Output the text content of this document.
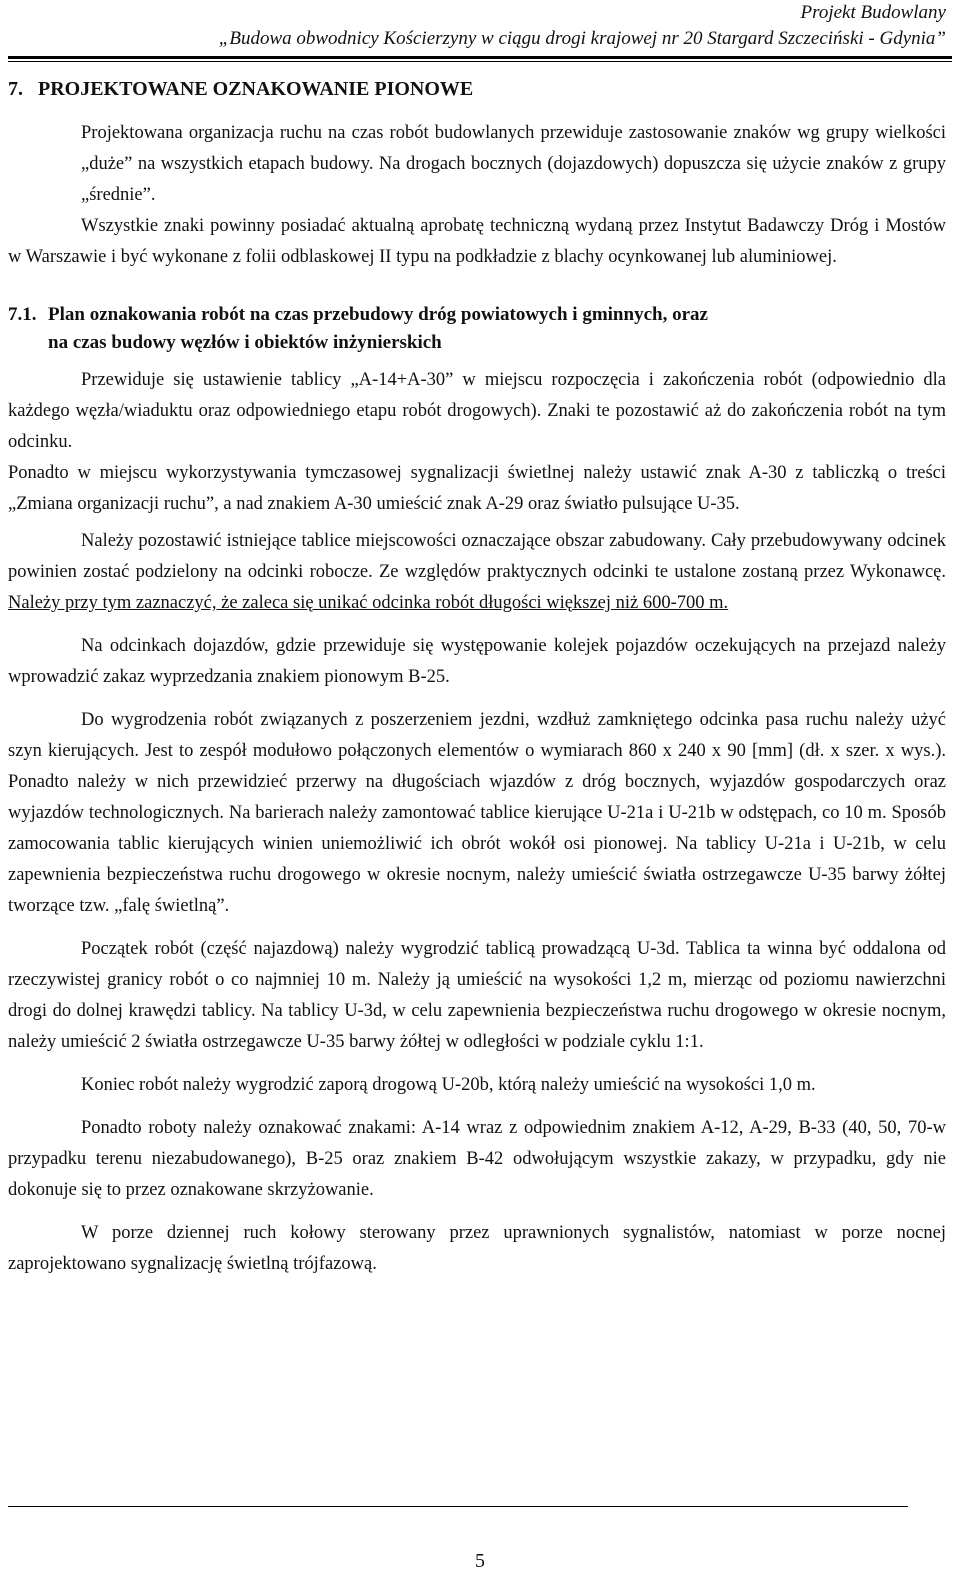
Projekt Budowlany
„Budowa obwodnicy Kościerzyny w ciągu drogi krajowej nr 20 Stargard Szczeciński - Gdynia”
7. PROJEKTOWANE OZNAKOWANIE PIONOWE

Projektowana organizacja ruchu na czas robót budowlanych przewiduje zastosowanie znaków wg grupy wielkości „duże” na wszystkich etapach budowy. Na drogach bocznych (dojazdowych) dopuszcza się użycie znaków z grupy „średnie”.

Wszystkie znaki powinny posiadać aktualną aprobatę techniczną wydaną przez Instytut Badawczy Dróg i Mostów w Warszawie i być wykonane z folii odblaskowej II typu na podkładzie z blachy ocynkowanej lub aluminiowej.

7.1. Plan oznakowania robót na czas przebudowy dróg powiatowych i gminnych, oraz
na czas budowy węzłów i obiektów inżynierskich

Przewiduje się ustawienie tablicy „A-14+A-30” w miejscu rozpoczęcia i zakończenia robót (odpowiednio dla każdego węzła/wiaduktu oraz odpowiedniego etapu robót drogowych). Znaki te pozostawić aż do zakończenia robót na tym odcinku.

Ponadto w miejscu wykorzystywania tymczasowej sygnalizacji świetlnej należy ustawić znak A-30 z tabliczką o treści „Zmiana organizacji ruchu”, a nad znakiem A-30 umieścić znak A-29 oraz światło pulsujące U-35.

Należy pozostawić istniejące tablice miejscowości oznaczające obszar zabudowany. Cały przebudowywany odcinek powinien zostać podzielony na odcinki robocze. Ze względów praktycznych odcinki te ustalone zostaną przez Wykonawcę. Należy przy tym zaznaczyć, że zaleca się unikać odcinka robót długości większej niż 600-700 m.

Na odcinkach dojazdów, gdzie przewiduje się występowanie kolejek pojazdów oczekujących na przejazd należy wprowadzić zakaz wyprzedzania znakiem pionowym B-25.

Do wygrodzenia robót związanych z poszerzeniem jezdni, wzdłuż zamkniętego odcinka pasa ruchu należy użyć szyn kierujących. Jest to zespół modułowo połączonych elementów o wymiarach 860 x 240 x 90 [mm] (dł. x szer. x wys.). Ponadto należy w nich przewidzieć przerwy na długościach wjazdów z dróg bocznych, wyjazdów gospodarczych oraz wyjazdów technologicznych. Na barierach należy zamontować tablice kierujące U-21a i U-21b w odstępach, co 10 m. Sposób zamocowania tablic kierujących winien uniemożliwić ich obrót wokół osi pionowej. Na tablicy U-21a i U-21b, w celu zapewnienia bezpieczeństwa ruchu drogowego w okresie nocnym, należy umieścić światła ostrzegawcze U-35 barwy żółtej tworzące tzw. „falę świetlną”.

Początek robót (część najazdową) należy wygrodzić tablicą prowadzącą U-3d. Tablica ta winna być oddalona od rzeczywistej granicy robót o co najmniej 10 m. Należy ją umieścić na wysokości 1,2 m, mierząc od poziomu nawierzchni drogi do dolnej krawędzi tablicy. Na tablicy U-3d, w celu zapewnienia bezpieczeństwa ruchu drogowego w okresie nocnym, należy umieścić 2 światła ostrzegawcze U-35 barwy żółtej w odległości w podziale cyklu 1:1.

Koniec robót należy wygrodzić zaporą drogową U-20b, którą należy umieścić na wysokości 1,0 m.

Ponadto roboty należy oznakować znakami: A-14 wraz z odpowiednim znakiem A-12, A-29, B-33 (40, 50, 70-w przypadku terenu niezabudowanego), B-25 oraz znakiem B-42 odwołującym wszystkie zakazy, w przypadku, gdy nie dokonuje się to przez oznakowane skrzyżowanie.

W porze dziennej ruch kołowy sterowany przez uprawnionych sygnalistów, natomiast w porze nocnej zaprojektowano sygnalizację świetlną trójfazową.

5
